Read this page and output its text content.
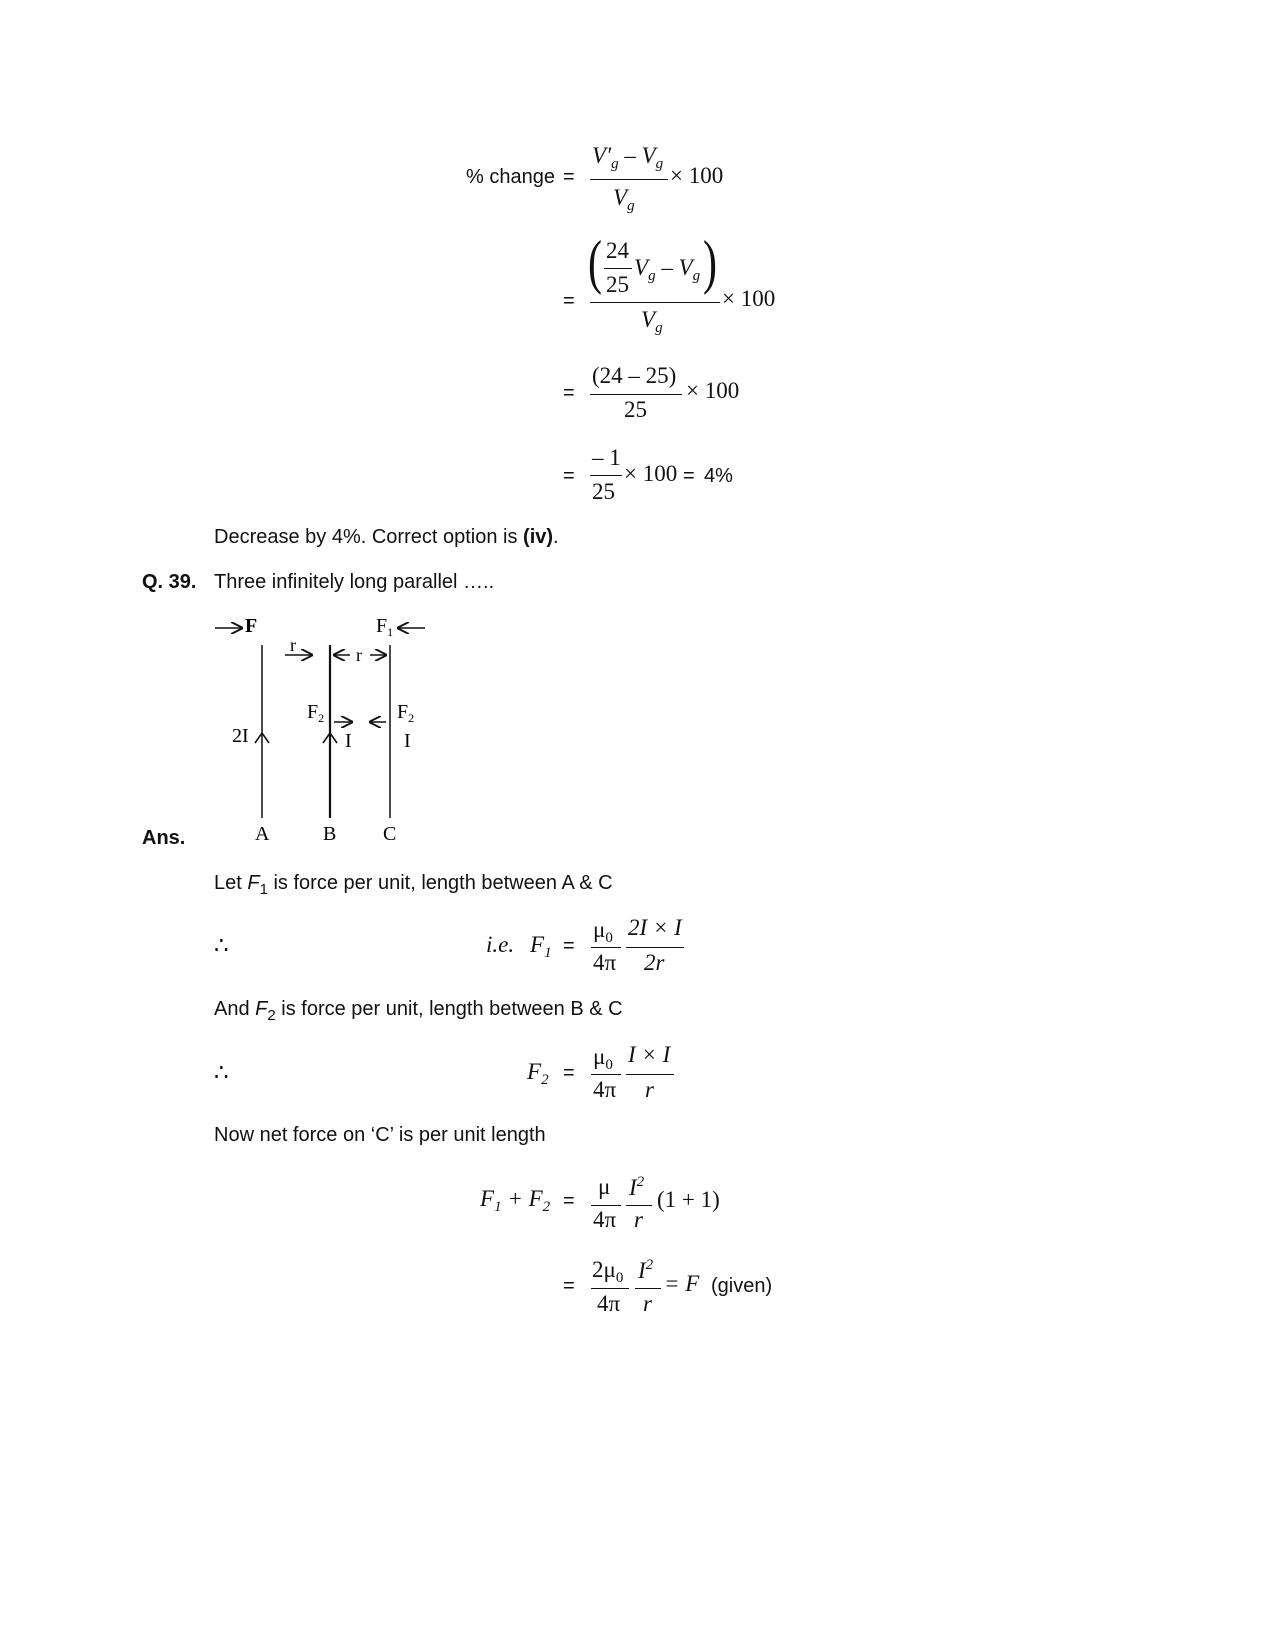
% change =
$V'_g - V_g$
$V_g$
× 100
=
( 24
25
$V_g - V_g$ )
$V_g$
× 100
=
(24 – 25)
25
× 100
=
– 1
25
× 100 = 4%
Decrease by 4%. Correct option is (iv).
Q. 39. Three infinitely long parallel …..
Ans.
F	$F_1$
r	r
$F_2$	$F_2$
2I	I	I
A	B C
Let $F_1$ is force per unit, length between A & C
∴	i.e. $F_1$ =
$\mu_0$
4π
2I × I
2r
And $F_2$ is force per unit, length between B & C
∴	$F_2$ =
$\mu_0$
4π
I × I
r
Now net force on ‘C’ is per unit length
$F_1 + F_2$ =
μ
4π
$I^2$
r
(1 + 1)
=
$2\mu_0$
4π
$I^2$
r
= F (given)
